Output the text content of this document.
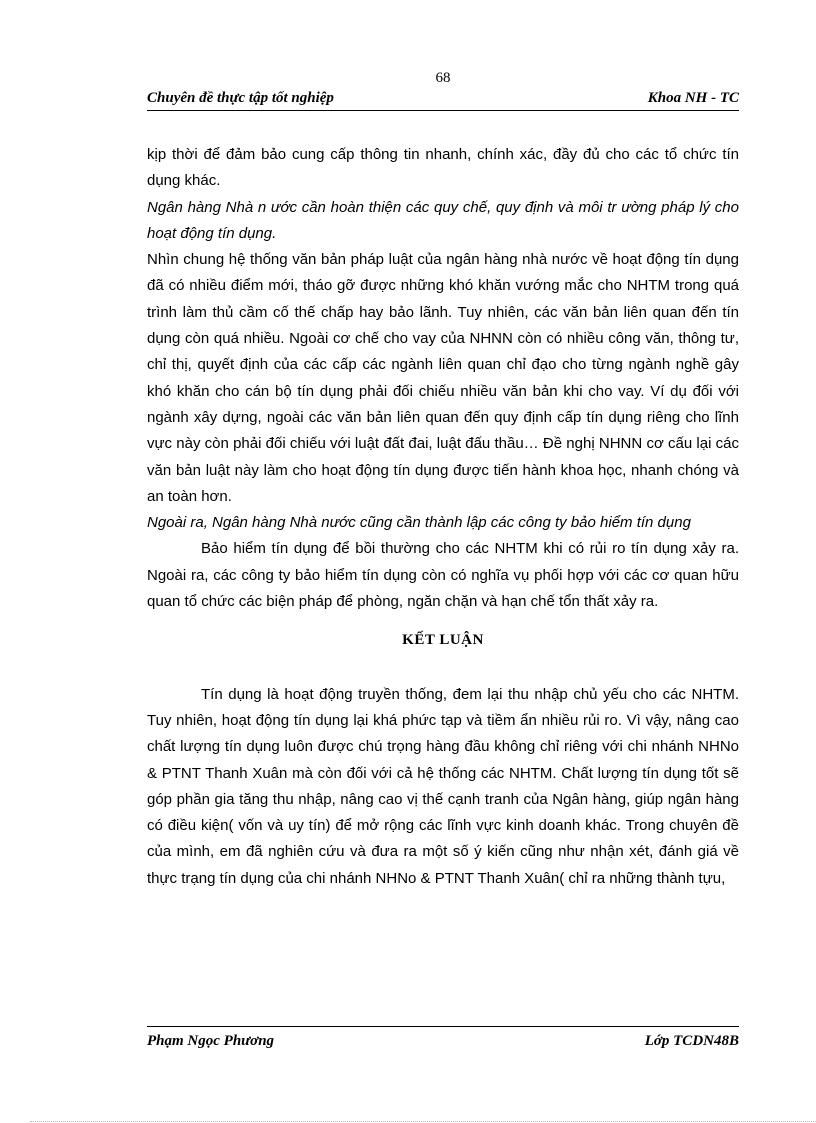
68
Chuyên đề thực tập tốt nghiệp	Khoa NH - TC

kịp thời để đảm bảo cung cấp thông tin nhanh, chính xác, đầy đủ cho các tổ chức tín dụng khác.

Ngân hàng Nhà n ước cần hoàn thiện các quy chế, quy định và môi tr ường pháp lý cho hoạt động tín dụng.

Nhìn chung hệ thống văn bản pháp luật của ngân hàng nhà nước về hoạt động tín dụng đã có nhiều điểm mới, tháo gỡ được những khó khăn vướng mắc cho NHTM trong quá trình làm thủ cầm cố thế chấp hay bảo lãnh. Tuy nhiên, các văn bản liên quan đến tín dụng còn quá nhiều. Ngoài cơ chế cho vay của NHNN còn có nhiều công văn, thông tư, chỉ thị, quyết định của các cấp các ngành liên quan chỉ đạo cho từng ngành nghề gây khó khăn cho cán bộ tín dụng phải đối chiếu nhiều văn bản khi cho vay. Ví dụ đối với ngành xây dựng, ngoài các văn bản liên quan đến quy định cấp tín dụng riêng cho lĩnh vực này còn phải đối chiếu với luật đất đai, luật đấu thầu… Đề nghị NHNN cơ cấu lại các văn bản luật này làm cho hoạt động tín dụng được tiến hành khoa học, nhanh chóng và an toàn hơn.

Ngoài ra, Ngân hàng Nhà nước cũng cần thành lập các công ty bảo hiểm tín dụng

Bảo hiểm tín dụng để bồi thường cho các NHTM khi có rủi ro tín dụng xảy ra. Ngoài ra, các công ty bảo hiểm tín dụng còn có nghĩa vụ phối hợp với các cơ quan hữu quan tổ chức các biện pháp để phòng, ngăn chặn và hạn chế tổn thất xảy ra.

KẾT LUẬN

Tín dụng là hoạt động truyền thống, đem lại thu nhập chủ yếu cho các NHTM. Tuy nhiên, hoạt động tín dụng lại khá phức tạp và tiềm ẩn nhiều rủi ro. Vì vậy, nâng cao chất lượng tín dụng luôn được chú trọng hàng đầu không chỉ riêng với chi nhánh NHNo & PTNT Thanh Xuân mà còn đối với cả hệ thống các NHTM. Chất lượng tín dụng tốt sẽ góp phần gia tăng thu nhập, nâng cao vị thế cạnh tranh của Ngân hàng, giúp ngân hàng có điều kiện( vốn và uy tín) để mở rộng các lĩnh vực kinh doanh khác. Trong chuyên đề của mình, em đã nghiên cứu và đưa ra một số ý kiến cũng như nhận xét, đánh giá về thực trạng tín dụng của chi nhánh NHNo & PTNT Thanh Xuân( chỉ ra những thành tựu,

Phạm Ngọc Phương	Lớp TCDN48B
